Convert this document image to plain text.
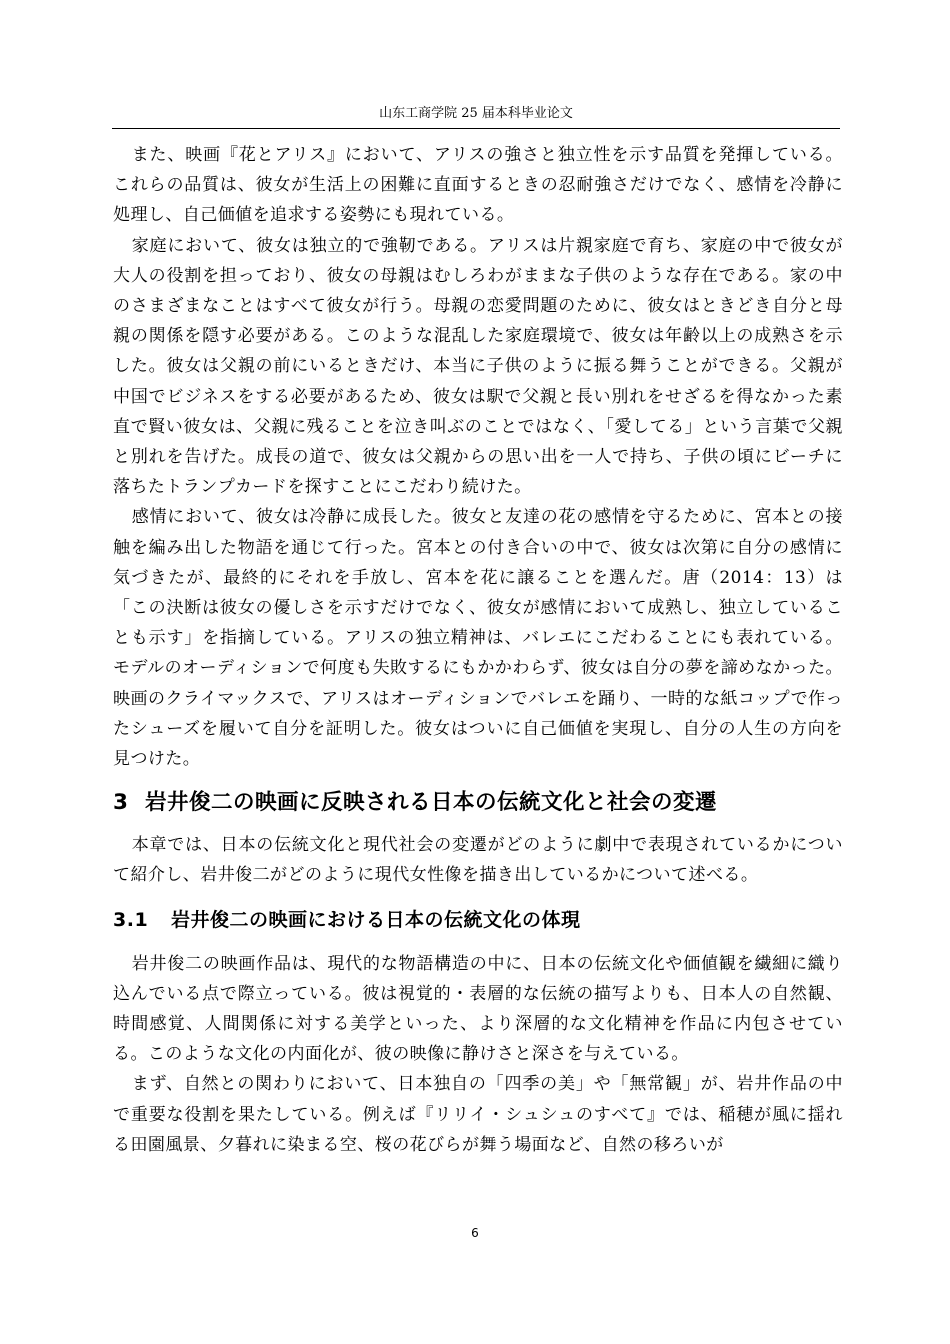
山东工商学院 25 届本科毕业论文

また、映画『花とアリス』において、アリスの強さと独立性を示す品質を発揮している。これらの品質は、彼女が生活上の困難に直面するときの忍耐強さだけでなく、感情を冷静に処理し、自己価値を追求する姿勢にも現れている。

家庭において、彼女は独立的で強靭である。アリスは片親家庭で育ち、家庭の中で彼女が大人の役割を担っており、彼女の母親はむしろわがままな子供のような存在である。家の中のさまざまなことはすべて彼女が行う。母親の恋愛問題のために、彼女はときどき自分と母親の関係を隠す必要がある。このような混乱した家庭環境で、彼女は年齢以上の成熟さを示した。彼女は父親の前にいるときだけ、本当に子供のように振る舞うことができる。父親が中国でビジネスをする必要があるため、彼女は駅で父親と長い別れをせざるを得なかった素直で賢い彼女は、父親に残ることを泣き叫ぶのことではなく、「愛してる」という言葉で父親と別れを告げた。成長の道で、彼女は父親からの思い出を一人で持ち、子供の頃にビーチに落ちたトランプカードを探すことにこだわり続けた。

感情において、彼女は冷静に成長した。彼女と友達の花の感情を守るために、宮本との接触を編み出した物語を通じて行った。宮本との付き合いの中で、彼女は次第に自分の感情に気づきたが、最終的にそれを手放し、宮本を花に譲ることを選んだ。唐（2014：13）は「この決断は彼女の優しさを示すだけでなく、彼女が感情において成熟し、独立していることも示す」を指摘している。アリスの独立精神は、バレエにこだわることにも表れている。モデルのオーディションで何度も失敗するにもかかわらず、彼女は自分の夢を諦めなかった。映画のクライマックスで、アリスはオーディションでバレエを踊り、一時的な紙コップで作ったシューズを履いて自分を証明した。彼女はついに自己価値を実現し、自分の人生の方向を見つけた。

3 岩井俊二の映画に反映される日本の伝統文化と社会の変遷

本章では、日本の伝統文化と現代社会の変遷がどのように劇中で表現されているかについて紹介し、岩井俊二がどのように現代女性像を描き出しているかについて述べる。

3.1 岩井俊二の映画における日本の伝統文化の体現

岩井俊二の映画作品は、現代的な物語構造の中に、日本の伝統文化や価値観を繊細に織り込んでいる点で際立っている。彼は視覚的・表層的な伝統の描写よりも、日本人の自然観、時間感覚、人間関係に対する美学といった、より深層的な文化精神を作品に内包させている。このような文化の内面化が、彼の映像に静けさと深さを与えている。

まず、自然との関わりにおいて、日本独自の「四季の美」や「無常観」が、岩井作品の中で重要な役割を果たしている。例えば『リリイ・シュシュのすべて』では、稲穂が風に揺れる田園風景、夕暮れに染まる空、桜の花びらが舞う場面など、自然の移ろいが

6
